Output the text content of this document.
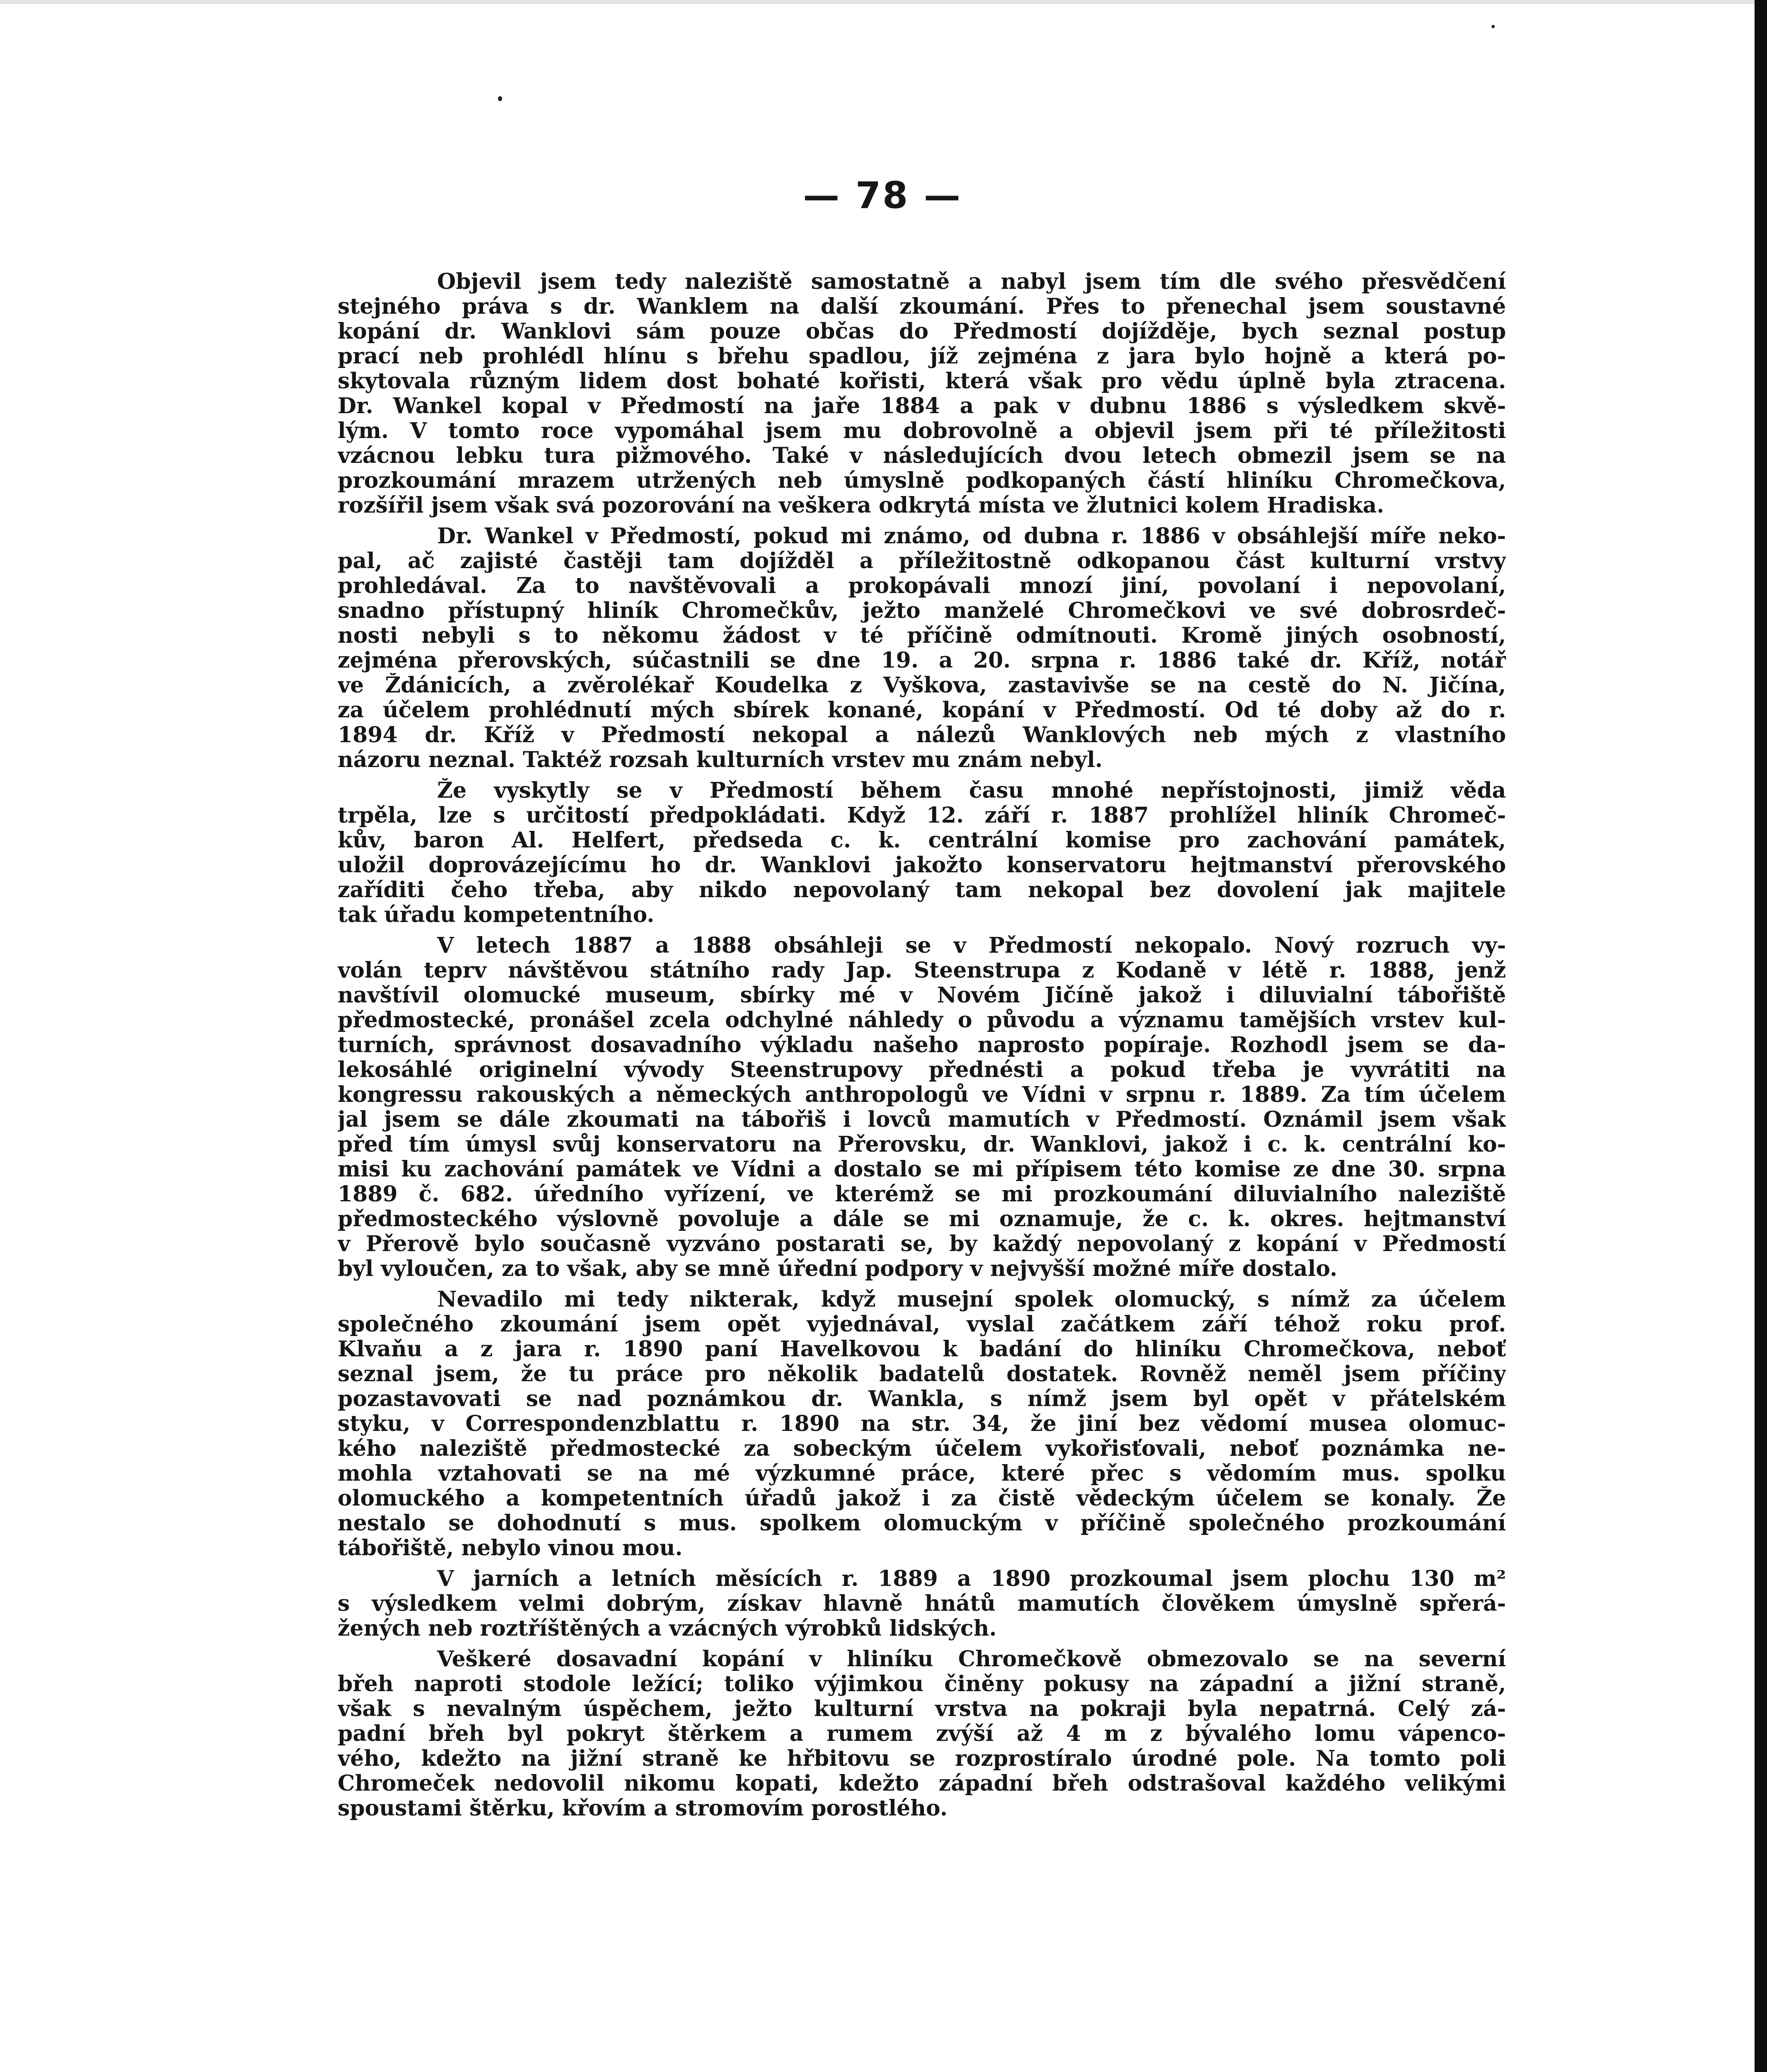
— 78 —
Objevil jsem tedy naleziště samostatně a nabyl jsem tím dle svého přesvědčení
stejného práva s dr. Wanklem na další zkoumání. Přes to přenechal jsem soustavné
kopání dr. Wanklovi sám pouze občas do Předmostí dojížděje, bych seznal postup
prací neb prohlédl hlínu s břehu spadlou, jíž zejména z jara bylo hojně a která po-
skytovala různým lidem dost bohaté kořisti, která však pro vědu úplně byla ztracena.
Dr. Wankel kopal v Předmostí na jaře 1884 a pak v dubnu 1886 s výsledkem skvě-
lým. V tomto roce vypomáhal jsem mu dobrovolně a objevil jsem při té příležitosti
vzácnou lebku tura pižmového. Také v následujících dvou letech obmezil jsem se na
prozkoumání mrazem utržených neb úmyslně podkopaných částí hliníku Chromečkova,
rozšířil jsem však svá pozorování na veškera odkrytá místa ve žlutnici kolem Hradiska.
Dr. Wankel v Předmostí, pokud mi známo, od dubna r. 1886 v obsáhlejší míře neko-
pal, ač zajisté častěji tam dojížděl a příležitostně odkopanou část kulturní vrstvy
prohledával. Za to navštěvovali a prokopávali mnozí jiní, povolaní i nepovolaní,
snadno přístupný hliník Chromečkův, ježto manželé Chromečkovi ve své dobrosrdeč-
nosti nebyli s to někomu žádost v té příčině odmítnouti. Kromě jiných osobností,
zejména přerovských, súčastnili se dne 19. a 20. srpna r. 1886 také dr. Kříž, notář
ve Ždánicích, a zvěrolékař Koudelka z Vyškova, zastavivše se na cestě do N. Jičína,
za účelem prohlédnutí mých sbírek konané, kopání v Předmostí. Od té doby až do r.
1894 dr. Kříž v Předmostí nekopal a nálezů Wanklových neb mých z vlastního
názoru neznal. Taktéž rozsah kulturních vrstev mu znám nebyl.
Že vyskytly se v Předmostí během času mnohé nepřístojnosti, jimiž věda
trpěla, lze s určitostí předpokládati. Když 12. září r. 1887 prohlížel hliník Chromeč-
kův, baron Al. Helfert, předseda c. k. centrální komise pro zachování památek,
uložil doprovázejícímu ho dr. Wanklovi jakožto konservatoru hejtmanství přerovského
zaříditi čeho třeba, aby nikdo nepovolaný tam nekopal bez dovolení jak majitele
tak úřadu kompetentního.
V letech 1887 a 1888 obsáhleji se v Předmostí nekopalo. Nový rozruch vy-
volán teprv návštěvou státního rady Jap. Steenstrupa z Kodaně v létě r. 1888, jenž
navštívil olomucké museum, sbírky mé v Novém Jičíně jakož i diluvialní tábořiště
předmostecké, pronášel zcela odchylné náhledy o původu a významu tamějších vrstev kul-
turních, správnost dosavadního výkladu našeho naprosto popíraje. Rozhodl jsem se da-
lekosáhlé originelní vývody Steenstrupovy přednésti a pokud třeba je vyvrátiti na
kongressu rakouských a německých anthropologů ve Vídni v srpnu r. 1889. Za tím účelem
jal jsem se dále zkoumati na tábořiš i lovců mamutích v Předmostí. Oznámil jsem však
před tím úmysl svůj konservatoru na Přerovsku, dr. Wanklovi, jakož i c. k. centrální ko-
misi ku zachování památek ve Vídni a dostalo se mi přípisem této komise ze dne 30. srpna
1889 č. 682. úředního vyřízení, ve kterémž se mi prozkoumání diluvialního naleziště
předmosteckého výslovně povoluje a dále se mi oznamuje, že c. k. okres. hejtmanství
v Přerově bylo současně vyzváno postarati se, by každý nepovolaný z kopání v Předmostí
byl vyloučen, za to však, aby se mně úřední podpory v nejvyšší možné míře dostalo.
Nevadilo mi tedy nikterak, když musejní spolek olomucký, s nímž za účelem
společného zkoumání jsem opět vyjednával, vyslal začátkem září téhož roku prof.
Klvaňu a z jara r. 1890 paní Havelkovou k badání do hliníku Chromečkova, neboť
seznal jsem, že tu práce pro několik badatelů dostatek. Rovněž neměl jsem příčiny
pozastavovati se nad poznámkou dr. Wankla, s nímž jsem byl opět v přátelském
styku, v Correspondenzblattu r. 1890 na str. 34, že jiní bez vědomí musea olomuc-
kého naleziště předmostecké za sobeckým účelem vykořisťovali, neboť poznámka ne-
mohla vztahovati se na mé výzkumné práce, které přec s vědomím mus. spolku
olomuckého a kompetentních úřadů jakož i za čistě vědeckým účelem se konaly. Že
nestalo se dohodnutí s mus. spolkem olomuckým v příčině společného prozkoumání
tábořiště, nebylo vinou mou.
V jarních a letních měsících r. 1889 a 1890 prozkoumal jsem plochu 130 m²
s výsledkem velmi dobrým, získav hlavně hnátů mamutích člověkem úmyslně spřerá-
žených neb roztříštěných a vzácných výrobků lidských.
Veškeré dosavadní kopání v hliníku Chromečkově obmezovalo se na severní
břeh naproti stodole ležící; toliko výjimkou činěny pokusy na západní a jižní straně,
však s nevalným úspěchem, ježto kulturní vrstva na pokraji byla nepatrná. Celý zá-
padní břeh byl pokryt štěrkem a rumem zvýší až 4 m z bývalého lomu vápenco-
vého, kdežto na jižní straně ke hřbitovu se rozprostíralo úrodné pole. Na tomto poli
Chromeček nedovolil nikomu kopati, kdežto západní břeh odstrašoval každého velikými
spoustami štěrku, křovím a stromovím porostlého.
